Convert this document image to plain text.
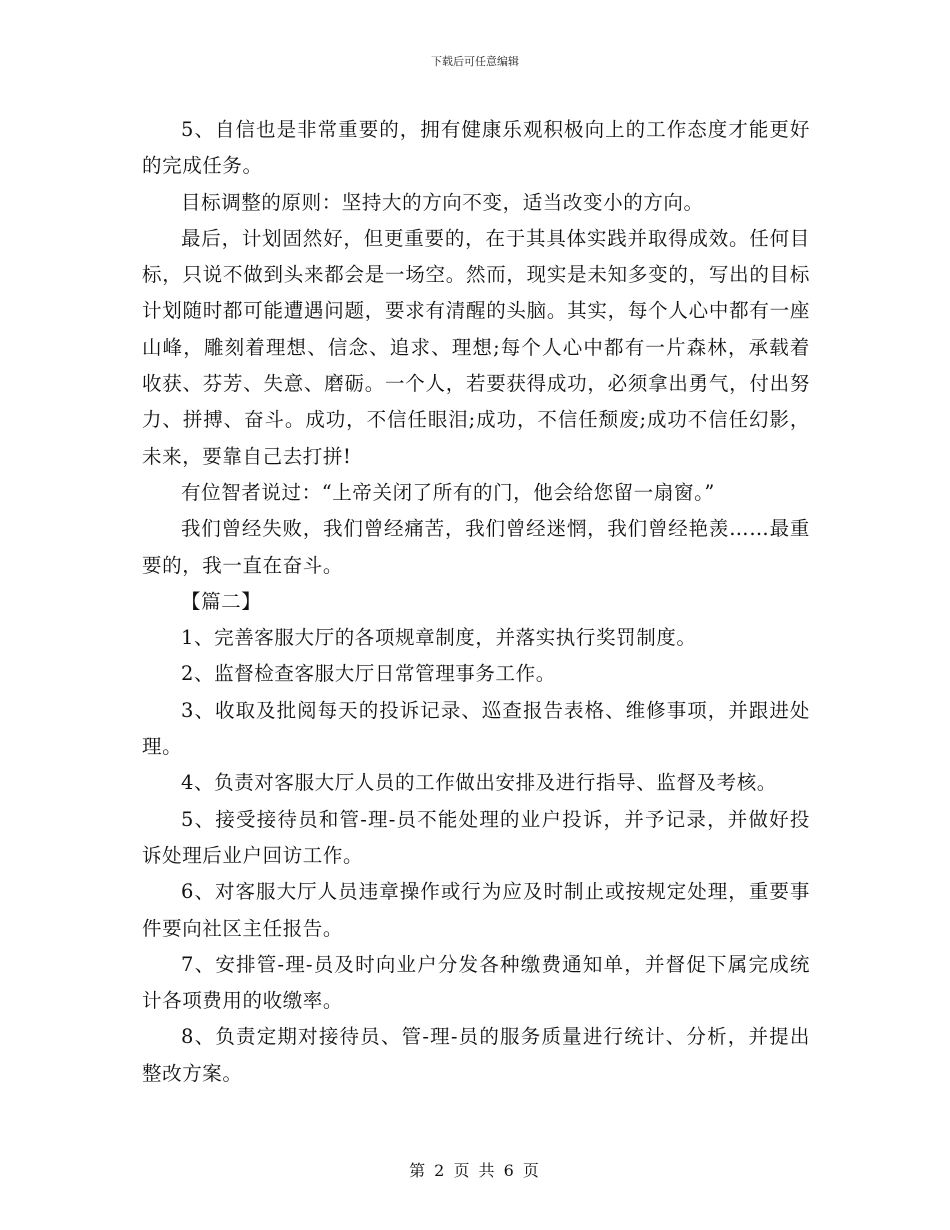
下载后可任意编辑

5、自信也是非常重要的，拥有健康乐观积极向上的工作态度才能更好的完成任务。

目标调整的原则：坚持大的方向不变，适当改变小的方向。

最后，计划固然好，但更重要的，在于其具体实践并取得成效。任何目标，只说不做到头来都会是一场空。然而，现实是未知多变的，写出的目标计划随时都可能遭遇问题，要求有清醒的头脑。其实，每个人心中都有一座山峰，雕刻着理想、信念、追求、理想;每个人心中都有一片森林，承载着收获、芬芳、失意、磨砺。一个人，若要获得成功，必须拿出勇气，付出努力、拼搏、奋斗。成功，不信任眼泪;成功，不信任颓废;成功不信任幻影，未来，要靠自己去打拼!

有位智者说过：“上帝关闭了所有的门，他会给您留一扇窗。”

我们曾经失败，我们曾经痛苦，我们曾经迷惘，我们曾经艳羡……最重要的，我一直在奋斗。

【篇二】

1、完善客服大厅的各项规章制度，并落实执行奖罚制度。

2、监督检查客服大厅日常管理事务工作。

3、收取及批阅每天的投诉记录、巡查报告表格、维修事项，并跟进处理。

4、负责对客服大厅人员的工作做出安排及进行指导、监督及考核。

5、接受接待员和管-理-员不能处理的业户投诉，并予记录，并做好投诉处理后业户回访工作。

6、对客服大厅人员违章操作或行为应及时制止或按规定处理，重要事件要向社区主任报告。

7、安排管-理-员及时向业户分发各种缴费通知单，并督促下属完成统计各项费用的收缴率。

8、负责定期对接待员、管-理-员的服务质量进行统计、分析，并提出整改方案。

第 2 页 共 6 页
